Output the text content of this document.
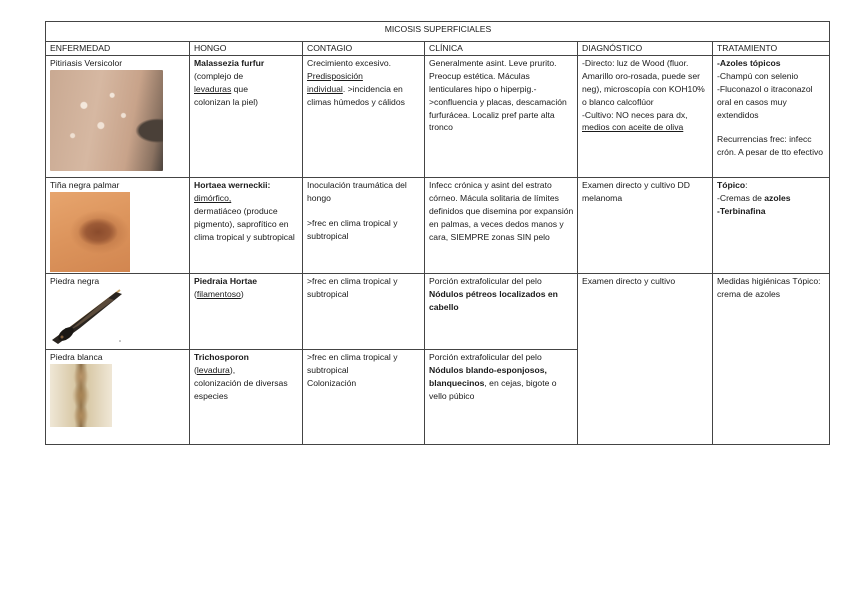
MICOSIS SUPERFICIALES					
ENFERMEDAD	HONGO	CONTAGIO	CLÍNICA	DIAGNÓSTICO	TRATAMIENTO

Pitiriasis Versicolor	Malassezia furfur
(complejo de
levaduras que
colonizan la piel)	Crecimiento excesivo.
Predisposición
individual. >incidencia en climas húmedos y cálidos	Generalmente asint. Leve prurito. Preocup estética. Máculas lenticulares hipo o hiperpig.->confluencia y placas, descamación furfurácea. Localiz pref parte alta tronco	-Directo: luz de Wood (fluor. Amarillo oro-rosada, puede ser neg), microscopía con KOH10% o blanco calcoflúor
-Cultivo: NO neces para dx, medios con aceite de oliva	-Azoles tópicos
-Champú con selenio
-Fluconazol o itraconazol oral en casos muy extendidos
Recurrencias frec: infecc crón. A pesar de tto efectivo

Tiña negra palmar	Hortaea werneckii:
dimórfico,
dermatiáceo (produce pigmento), saprofítico en clima tropical y subtropical	Inoculación traumática del hongo
>frec en clima tropical y subtropical	Infecc crónica y asint del estrato córneo. Mácula solitaria de límites definidos que disemina por expansión en palmas, a veces dedos manos y cara, SIEMPRE zonas SIN pelo	Examen directo y cultivo DD melanoma	Tópico:
-Cremas de azoles
-Terbinafina

Piedra negra	Piedraia Hortae
(filamentoso)	>frec en clima tropical y subtropical	Porción extrafolicular del pelo
Nódulos pétreos localizados en cabello	Examen directo y cultivo	Medidas higiénicas Tópico: crema de azoles

Piedra blanca	Trichosporon
(levadura),
colonización de diversas especies	>frec en clima tropical y subtropical
Colonización	Porción extrafolicular del pelo
Nódulos blando-esponjosos, blanquecinos, en cejas, bigote o vello púbico		
